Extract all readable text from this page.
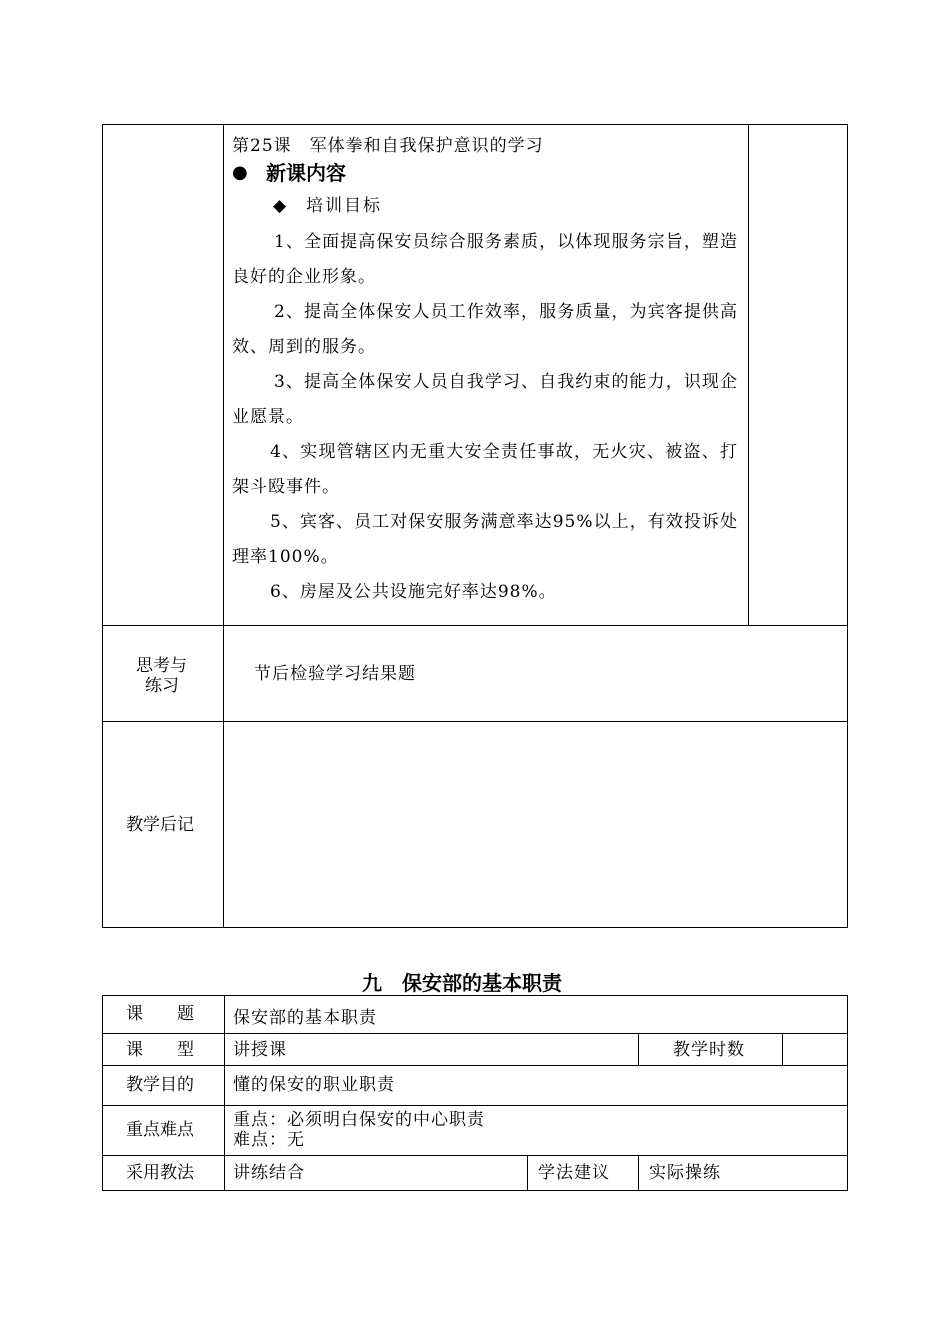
第25课　军体拳和自我保护意识的学习
● 新课内容
◆ 培训目标
1、全面提高保安员综合服务素质，以体现服务宗旨，塑造良好的企业形象。
2、提高全体保安人员工作效率，服务质量，为宾客提供高效、周到的服务。
3、提高全体保安人员自我学习、自我约束的能力，识现企业愿景。
4、实现管辖区内无重大安全责任事故，无火灾、被盗、打架斗殴事件。
5、宾客、员工对保安服务满意率达95%以上，有效投诉处理率100%。
6、房屋及公共设施完好率达98%。
思考与
练习
节后检验学习结果题
教学后记
九　保安部的基本职责
课　　题 保安部的基本职责
课　　型 讲授课	教学时数
教学目的 懂的保安的职业职责
重点难点 重点：必须明白保安的中心职责
难点：无
采用教法 讲练结合	学法建议 实际操练
